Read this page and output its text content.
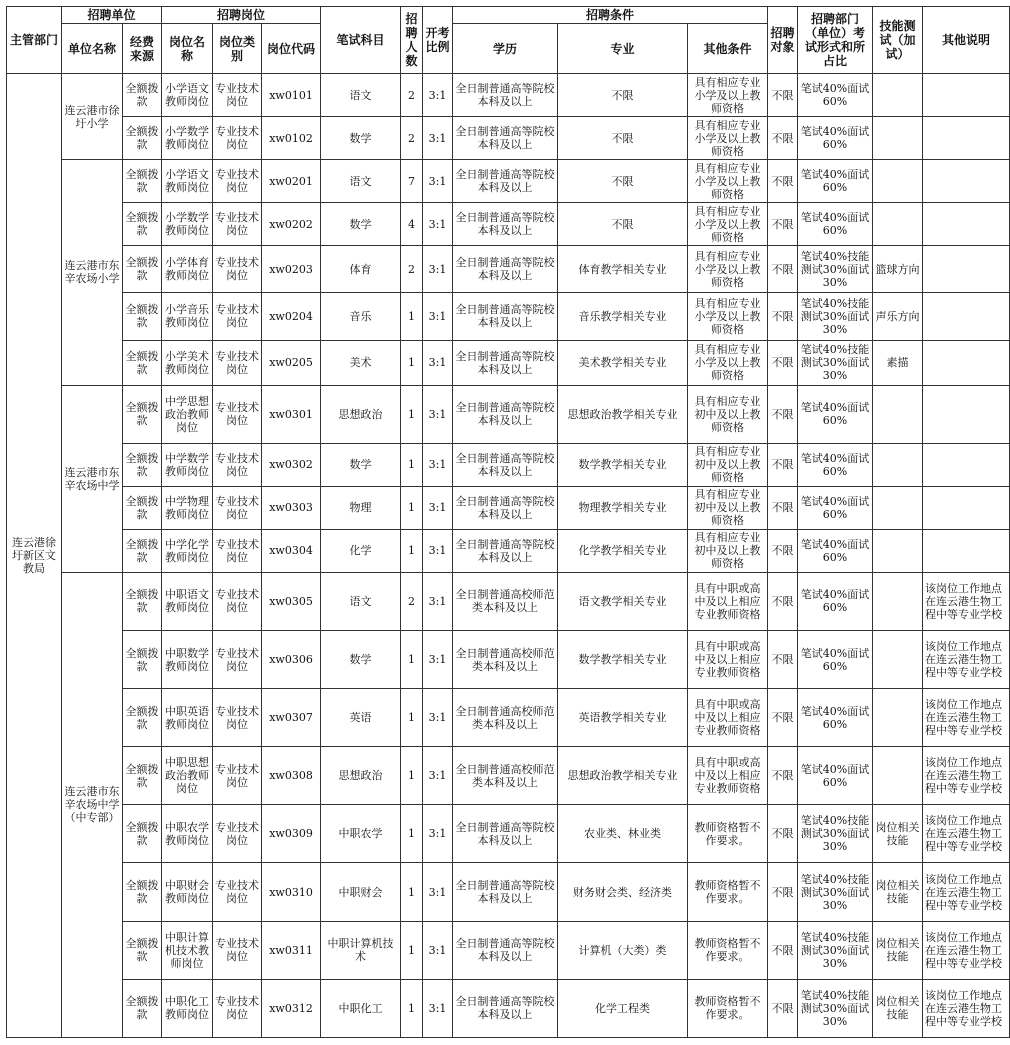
主管部门	招聘单位		招聘岗位			笔试科目	招聘人数	开考比例	招聘条件			招聘对象	招聘部门（单位）考试形式和所占比	技能测试（加试）	其他说明
	单位名称	经费来源	岗位名称	岗位类别	岗位代码				学历	专业	其他条件				
连云港徐圩新区文教局	连云港市徐圩小学	全额拨款	小学语文教师岗位	专业技术岗位	xw0101	语文	2	3:1	全日制普通高等院校本科及以上	不限	具有相应专业小学及以上教师资格	不限	笔试40%面试60%		
		全额拨款	小学数学教师岗位	专业技术岗位	xw0102	数学	2	3:1	全日制普通高等院校本科及以上	不限	具有相应专业小学及以上教师资格	不限	笔试40%面试60%		
	连云港市东辛农场小学	全额拨款	小学语文教师岗位	专业技术岗位	xw0201	语文	7	3:1	全日制普通高等院校本科及以上	不限	具有相应专业小学及以上教师资格	不限	笔试40%面试60%		
		全额拨款	小学数学教师岗位	专业技术岗位	xw0202	数学	4	3:1	全日制普通高等院校本科及以上	不限	具有相应专业小学及以上教师资格	不限	笔试40%面试60%		
		全额拨款	小学体育教师岗位	专业技术岗位	xw0203	体育	2	3:1	全日制普通高等院校本科及以上	体育教学相关专业	具有相应专业小学及以上教师资格	不限	笔试40%技能测试30%面试30%	篮球方向	
		全额拨款	小学音乐教师岗位	专业技术岗位	xw0204	音乐	1	3:1	全日制普通高等院校本科及以上	音乐教学相关专业	具有相应专业小学及以上教师资格	不限	笔试40%技能测试30%面试30%	声乐方向	
		全额拨款	小学美术教师岗位	专业技术岗位	xw0205	美术	1	3:1	全日制普通高等院校本科及以上	美术教学相关专业	具有相应专业小学及以上教师资格	不限	笔试40%技能测试30%面试30%	素描	
	连云港市东辛农场中学	全额拨款	中学思想政治教师岗位	专业技术岗位	xw0301	思想政治	1	3:1	全日制普通高等院校本科及以上	思想政治教学相关专业	具有相应专业初中及以上教师资格	不限	笔试40%面试60%		
		全额拨款	中学数学教师岗位	专业技术岗位	xw0302	数学	1	3:1	全日制普通高等院校本科及以上	数学教学相关专业	具有相应专业初中及以上教师资格	不限	笔试40%面试60%		
		全额拨款	中学物理教师岗位	专业技术岗位	xw0303	物理	1	3:1	全日制普通高等院校本科及以上	物理教学相关专业	具有相应专业初中及以上教师资格	不限	笔试40%面试60%		
		全额拨款	中学化学教师岗位	专业技术岗位	xw0304	化学	1	3:1	全日制普通高等院校本科及以上	化学教学相关专业	具有相应专业初中及以上教师资格	不限	笔试40%面试60%		
	连云港市东辛农场中学（中专部）	全额拨款	中职语文教师岗位	专业技术岗位	xw0305	语文	2	3:1	全日制普通高校师范类本科及以上	语文教学相关专业	具有中职或高中及以上相应专业教师资格	不限	笔试40%面试60%		该岗位工作地点在连云港生物工程中等专业学校
		全额拨款	中职数学教师岗位	专业技术岗位	xw0306	数学	1	3:1	全日制普通高校师范类本科及以上	数学教学相关专业	具有中职或高中及以上相应专业教师资格	不限	笔试40%面试60%		该岗位工作地点在连云港生物工程中等专业学校
		全额拨款	中职英语 教师岗位	专业技术岗位	xw0307	英语	1	3:1	全日制普通高校师范类本科及以上	英语教学相关专业	具有中职或高中及以上相应专业教师资格	不限	笔试40%面试60%		该岗位工作地点在连云港生物工程中等专业学校
		全额拨款	中职思想政治教师岗位	专业技术岗位	xw0308	思想政治	1	3:1	全日制普通高校师范类本科及以上	思想政治教学相关专业	具有中职或高中及以上相应专业教师资格	不限	笔试40%面试60%		该岗位工作地点在连云港生物工程中等专业学校
		全额拨款	中职农学教师岗位	专业技术岗位	xw0309	中职农学	1	3:1	全日制普通高等院校本科及以上	农业类、林业类	教师资格暂不作要求。	不限	笔试40%技能测试30%面试30%	岗位相关技能	该岗位工作地点在连云港生物工程中等专业学校
		全额拨款	中职财会教师岗位	专业技术岗位	xw0310	中职财会	1	3:1	全日制普通高等院校本科及以上	财务财会类、经济类	教师资格暂不作要求。	不限	笔试40%技能测试30%面试30%	岗位相关技能	该岗位工作地点在连云港生物工程中等专业学校
		全额拨款	中职计算机技术教师岗位	专业技术岗位	xw0311	中职计算机技术	1	3:1	全日制普通高等院校本科及以上	计算机（大类）类	教师资格暂不作要求。	不限	笔试40%技能测试30%面试30%	岗位相关技能	该岗位工作地点在连云港生物工程中等专业学校
		全额拨款	中职化工教师岗位	专业技术岗位	xw0312	中职化工	1	3:1	全日制普通高等院校本科及以上	化学工程类	教师资格暂不作要求。	不限	笔试40%技能测试30%面试30%	岗位相关技能	该岗位工作地点在连云港生物工程中等专业学校
